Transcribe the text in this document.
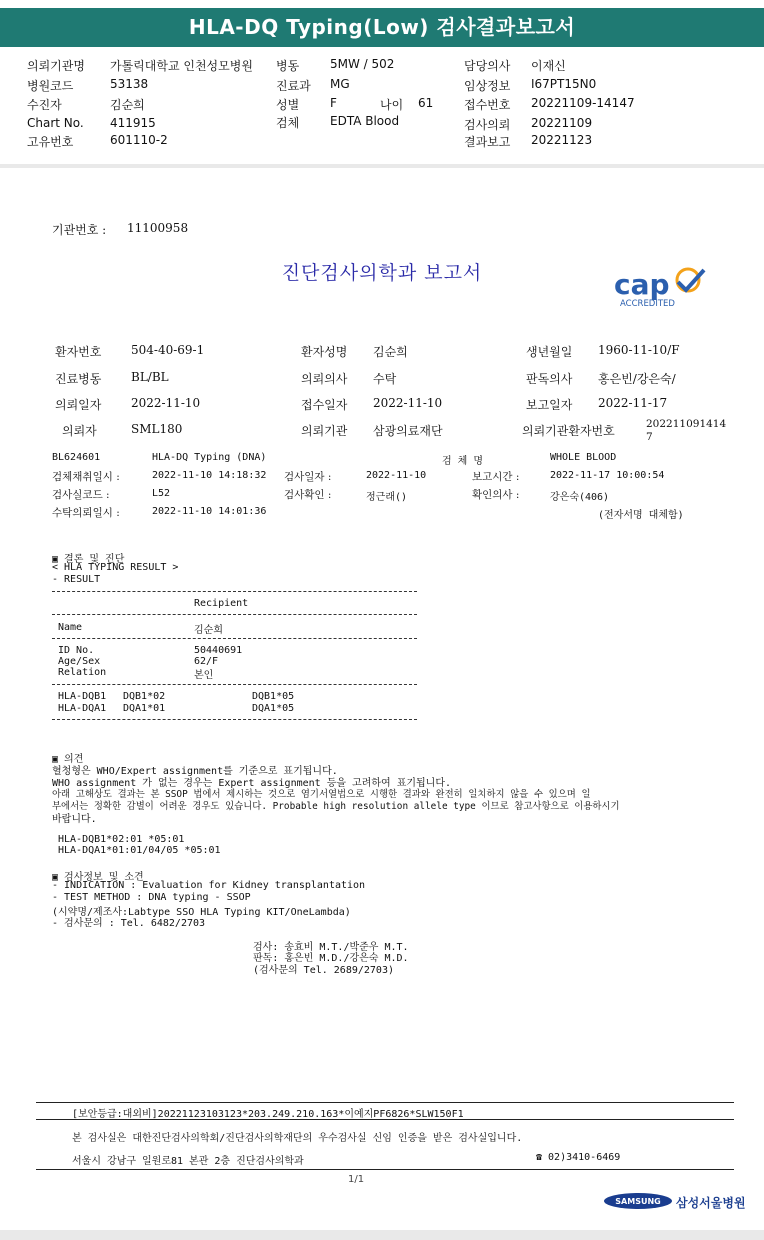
HLA-DQ Typing(Low) 검사결과보고서
의뢰기관명 가톨릭대학교 인천성모병원
병원코드	53138
수진자	김순희
Chart No. 411915
고유번호	601110-2
병동	5MW / 502
진료과 MG
성별	F	나이 61
검체	EDTA Blood
담당의사 이재신
임상정보 I67PT15N0
접수번호 20221109-14147
검사의뢰 20221109
결과보고 20221123
기관번호 : 11100958
진단검사의학과 보고서	cap
ACCREDITED
환자번호 504-40-69-1	환자성명 김순희	생년월일 1960-11-10/F
진료병동 BL/BL	의뢰의사 수탁	판독의사 홍은빈/강은숙/
의뢰일자 2022-11-10	접수일자 2022-11-10	보고일자 2022-11-17
의뢰자	SML180	의뢰기관 삼광의료재단	의뢰기관환자번호	202211091414
7
BL624601	HLA-DQ Typing (DNA)	검 체 명	WHOLE BLOOD
검체채취일시 :	2022-11-10 14:18:32 검사일자 :	2022-11-10	보고시간 :	2022-11-17 10:00:54
검사실코드 :	L52	검사확인 :	정근래()	확인의사 :	강은숙(406)
수탁의뢰일시 :	2022-11-10 14:01:36	(전자서명 대체함)
▣ 결론 및 진단
< HLA TYPING RESULT >
- RESULT
Recipient
Name	김순희
ID No.	50440691
Age/Sex	62/F
Relation	본인
HLA-DQB1 DQB1*02	DQB1*05
HLA-DQA1 DQA1*01	DQA1*05
▣ 의견
혈청형은 WHO/Expert assignment를 기준으로 표기됩니다.
WHO assignment 가 없는 경우는 Expert assignment 등을 고려하여 표기됩니다.
아래 고해상도 결과는 본 SSOP 법에서 제시하는 것으로 염기서열법으로 시행한 결과와 완전히 일치하지 않을 수 있으며 일
부에서는 정확한 감별이 어려운 경우도 있습니다. Probable high resolution allele type 이므로 참고사항으로 이용하시기
바랍니다.
HLA-DQB1*02:01 *05:01
HLA-DQA1*01:01/04/05 *05:01
▣ 검사정보 및 소견
- INDICATION : Evaluation for Kidney transplantation
- TEST METHOD : DNA typing - SSOP
(시약명/제조사:Labtype SSO HLA Typing KIT/OneLambda)
- 검사문의 : Tel. 6482/2703
검사: 송효비 M.T./박준우 M.T.
판독: 홍은빈 M.D./강은숙 M.D.
(검사문의 Tel. 2689/2703)
[보안등급:대외비]20221123103123*203.249.210.163*이예지PF6826*SLW150F1
본 검사실은 대한진단검사의학회/진단검사의학재단의 우수검사실 신임 인증을 받은 검사실입니다.
서울시 강남구 일원로81 본관 2층 진단검사의학과	☎ 02)3410-6469
1/1
SAMSUNG 삼성서울병원
